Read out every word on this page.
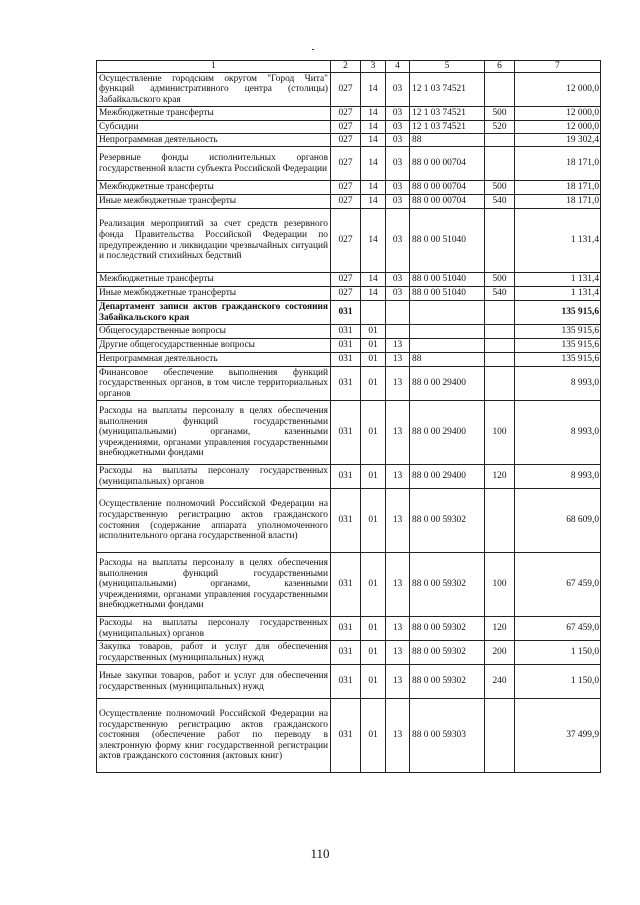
1	2	3	4	5	6	7
Осуществление городским округом "Город Чита" функций административного центра (столицы) Забайкальского края	027	14	03	12 1 03 74521		12 000,0
Межбюджетные трансферты	027	14	03	12 1 03 74521	500	12 000,0
Субсидии	027	14	03	12 1 03 74521	520	12 000,0
Непрограммная деятельность	027	14	03	88		19 302,4
Резервные фонды исполнительных органов государственной власти субъекта Российской Федерации	027	14	03	88 0 00 00704		18 171,0
Межбюджетные трансферты	027	14	03	88 0 00 00704	500	18 171,0
Иные межбюджетные трансферты	027	14	03	88 0 00 00704	540	18 171,0
Реализация мероприятий за счет средств резервного фонда Правительства Российской Федерации по предупреждению и ликвидации чрезвычайных ситуаций и последствий стихийных бедствий	027	14	03	88 0 00 51040		1 131,4
Межбюджетные трансферты	027	14	03	88 0 00 51040	500	1 131,4
Иные межбюджетные трансферты	027	14	03	88 0 00 51040	540	1 131,4
Департамент записи актов гражданского состояния Забайкальского края	031					135 915,6
Общегосударственные вопросы	031	01				135 915,6
Другие общегосударственные вопросы	031	01	13			135 915,6
Непрограммная деятельность	031	01	13	88		135 915,6
Финансовое обеспечение выполнения функций государственных органов, в том числе территориальных органов	031	01	13	88 0 00 29400		8 993,0
Расходы на выплаты персоналу в целях обеспечения выполнения функций государственными (муниципальными) органами, казенными учреждениями, органами управления государственными внебюджетными фондами	031	01	13	88 0 00 29400	100	8 993,0
Расходы на выплаты персоналу государственных (муниципальных) органов	031	01	13	88 0 00 29400	120	8 993,0
Осуществление полномочий Российской Федерации на государственную регистрацию актов гражданского состояния (содержание аппарата уполномоченного исполнительного органа государственной власти)	031	01	13	88 0 00 59302		68 609,0
Расходы на выплаты персоналу в целях обеспечения выполнения функций государственными (муниципальными) органами, казенными учреждениями, органами управления государственными внебюджетными фондами	031	01	13	88 0 00 59302	100	67 459,0
Расходы на выплаты персоналу государственных (муниципальных) органов	031	01	13	88 0 00 59302	120	67 459,0
Закупка товаров, работ и услуг для обеспечения государственных (муниципальных) нужд	031	01	13	88 0 00 59302	200	1 150,0
Иные закупки товаров, работ и услуг для обеспечения государственных (муниципальных) нужд	031	01	13	88 0 00 59302	240	1 150,0
Осуществление полномочий Российской Федерации на государственную регистрацию актов гражданского состояния (обеспечение работ по переводу в электронную форму книг государственной регистрации актов гражданского состояния (актовых книг)	031	01	13	88 0 00 59303		37 499,9
110
